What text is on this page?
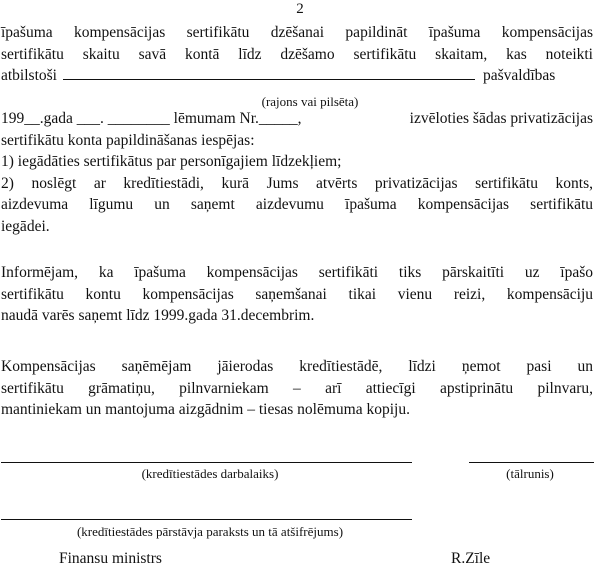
2
īpašuma kompensācijas sertifikātu dzēšanai papildināt īpašuma kompensācijas
sertifikātu skaitu savā kontā līdz dzēšamo sertifikātu skaitam, kas noteikti
atbilstoši	pašvaldības
(rajons vai pilsēta)
199__.gada ___. ________ lēmumam Nr._____,	izvēloties šādas privatizācijas
sertifikātu konta papildināšanas iespējas:
1) iegādāties sertifikātus par personīgajiem līdzekļiem;
2) noslēgt ar kredītiestādi, kurā Jums atvērts privatizācijas sertifikātu konts,
aizdevuma līgumu un saņemt aizdevumu īpašuma kompensācijas sertifikātu
iegādei.
Informējam, ka īpašuma kompensācijas sertifikāti tiks pārskaitīti uz īpašo
sertifikātu kontu kompensācijas saņemšanai tikai vienu reizi, kompensāciju
naudā varēs saņemt līdz 1999.gada 31.decembrim.
Kompensācijas saņēmējam jāierodas kredītiestādē, līdzi ņemot pasi un
sertifikātu grāmatiņu, pilnvarniekam – arī attiecīgi apstiprinātu pilnvaru,
mantiniekam un mantojuma aizgādnim – tiesas nolēmuma kopiju.
(kredītiestādes darbalaiks)	(tālrunis)
(kredītiestādes pārstāvja paraksts un tā atšifrējums)
Finansu ministrs	R.Zīle
